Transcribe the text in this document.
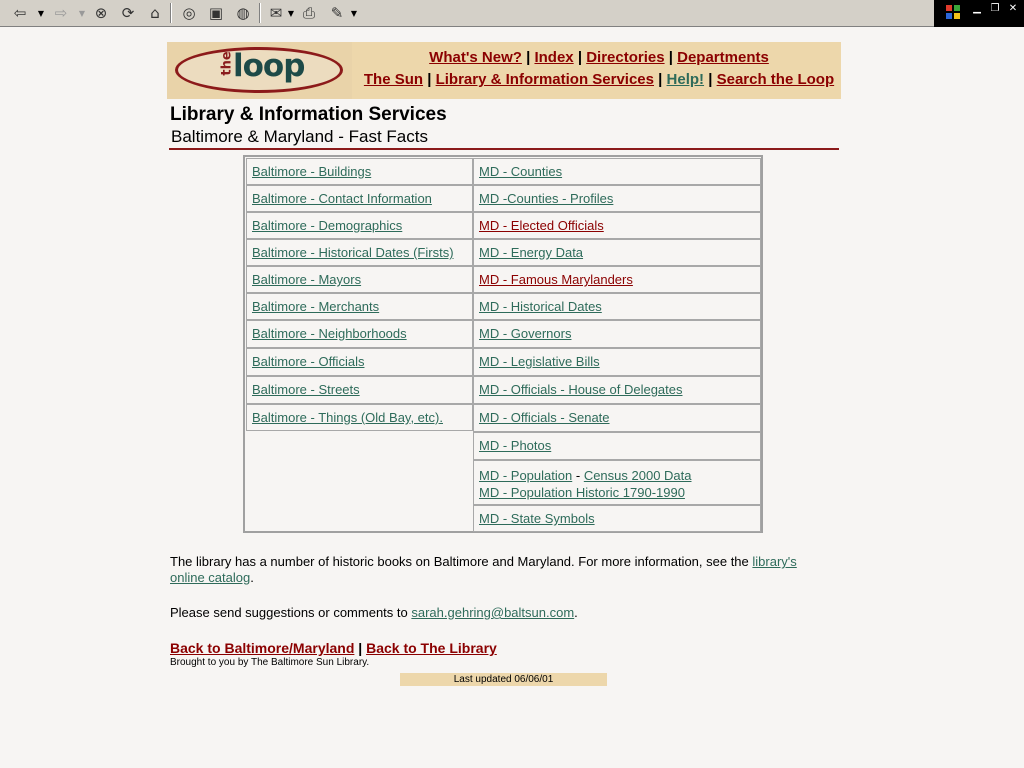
⇦	▼ ⇨	▼ ⊗ ⟳	⌂	◎ ▣ ◍ ✉ ▼ ⎙	✎ ▼	▁ ❐ ✕
the
loop	What's New? | Index | Directories | Departments
The Sun | Library & Information Services | Help! | Search the Loop
Library & Information Services
Baltimore & Maryland - Fast Facts
Baltimore - Buildings
Baltimore - Contact Information
Baltimore - Demographics
Baltimore - Historical Dates (Firsts)
Baltimore - Mayors
Baltimore - Merchants
Baltimore - Neighborhoods
Baltimore - Officials
Baltimore - Streets
Baltimore - Things (Old Bay, etc).
MD - Counties
MD -Counties - Profiles
MD - Elected Officials
MD - Energy Data
MD - Famous Marylanders
MD - Historical Dates
MD - Governors
MD - Legislative Bills
MD - Officials - House of Delegates
MD - Officials - Senate
MD - Photos
MD - Population - Census 2000 Data
MD - Population Historic 1790-1990
MD - State Symbols
The library has a number of historic books on Baltimore and Maryland. For more information, see the library's
online catalog.
Please send suggestions or comments to sarah.gehring@baltsun.com.
Back to Baltimore/Maryland | Back to The Library
Brought to you by The Baltimore Sun Library.
Last updated 06/06/01
